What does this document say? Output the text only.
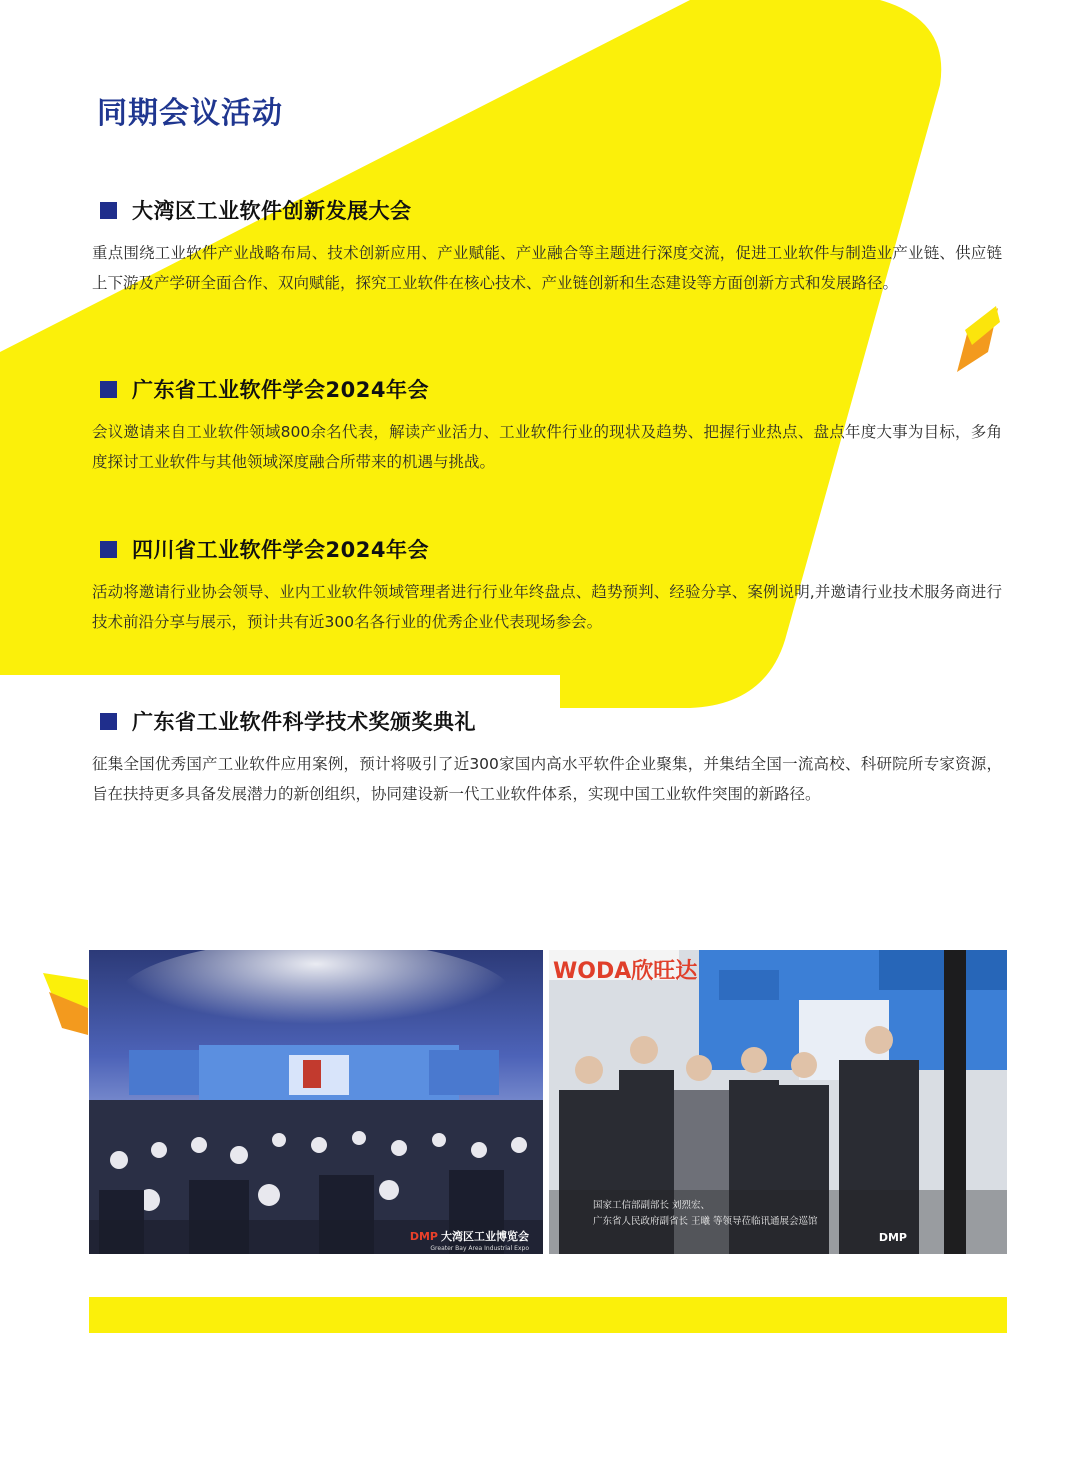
同期会议活动
大湾区工业软件创新发展大会
重点围绕工业软件产业战略布局、技术创新应用、产业赋能、产业融合等主题进行深度交流，促进工业软件与制造业产业链、供应链上下游及产学研全面合作、双向赋能，探究工业软件在核心技术、产业链创新和生态建设等方面创新方式和发展路径。
广东省工业软件学会2024年会
会议邀请来自工业软件领域800余名代表，解读产业活力、工业软件行业的现状及趋势、把握行业热点、盘点年度大事为目标，多角度探讨工业软件与其他领域深度融合所带来的机遇与挑战。
四川省工业软件学会2024年会
活动将邀请行业协会领导、业内工业软件领域管理者进行行业年终盘点、趋势预判、经验分享、案例说明,并邀请行业技术服务商进行技术前沿分享与展示，预计共有近300名各行业的优秀企业代表现场参会。
广东省工业软件科学技术奖颁奖典礼
征集全国优秀国产工业软件应用案例，预计将吸引了近300家国内高水平软件企业聚集，并集结全国一流高校、科研院所专家资源，旨在扶持更多具备发展潜力的新创组织，协同建设新一代工业软件体系，实现中国工业软件突围的新路径。
DMP 大湾区工业博览会
Greater Bay Area Industrial Expo
WODA欣旺达
国家工信部副部长 刘烈宏、
广东省人民政府副省长 王曦 等领导莅临讯通展会巡馆
DMP
